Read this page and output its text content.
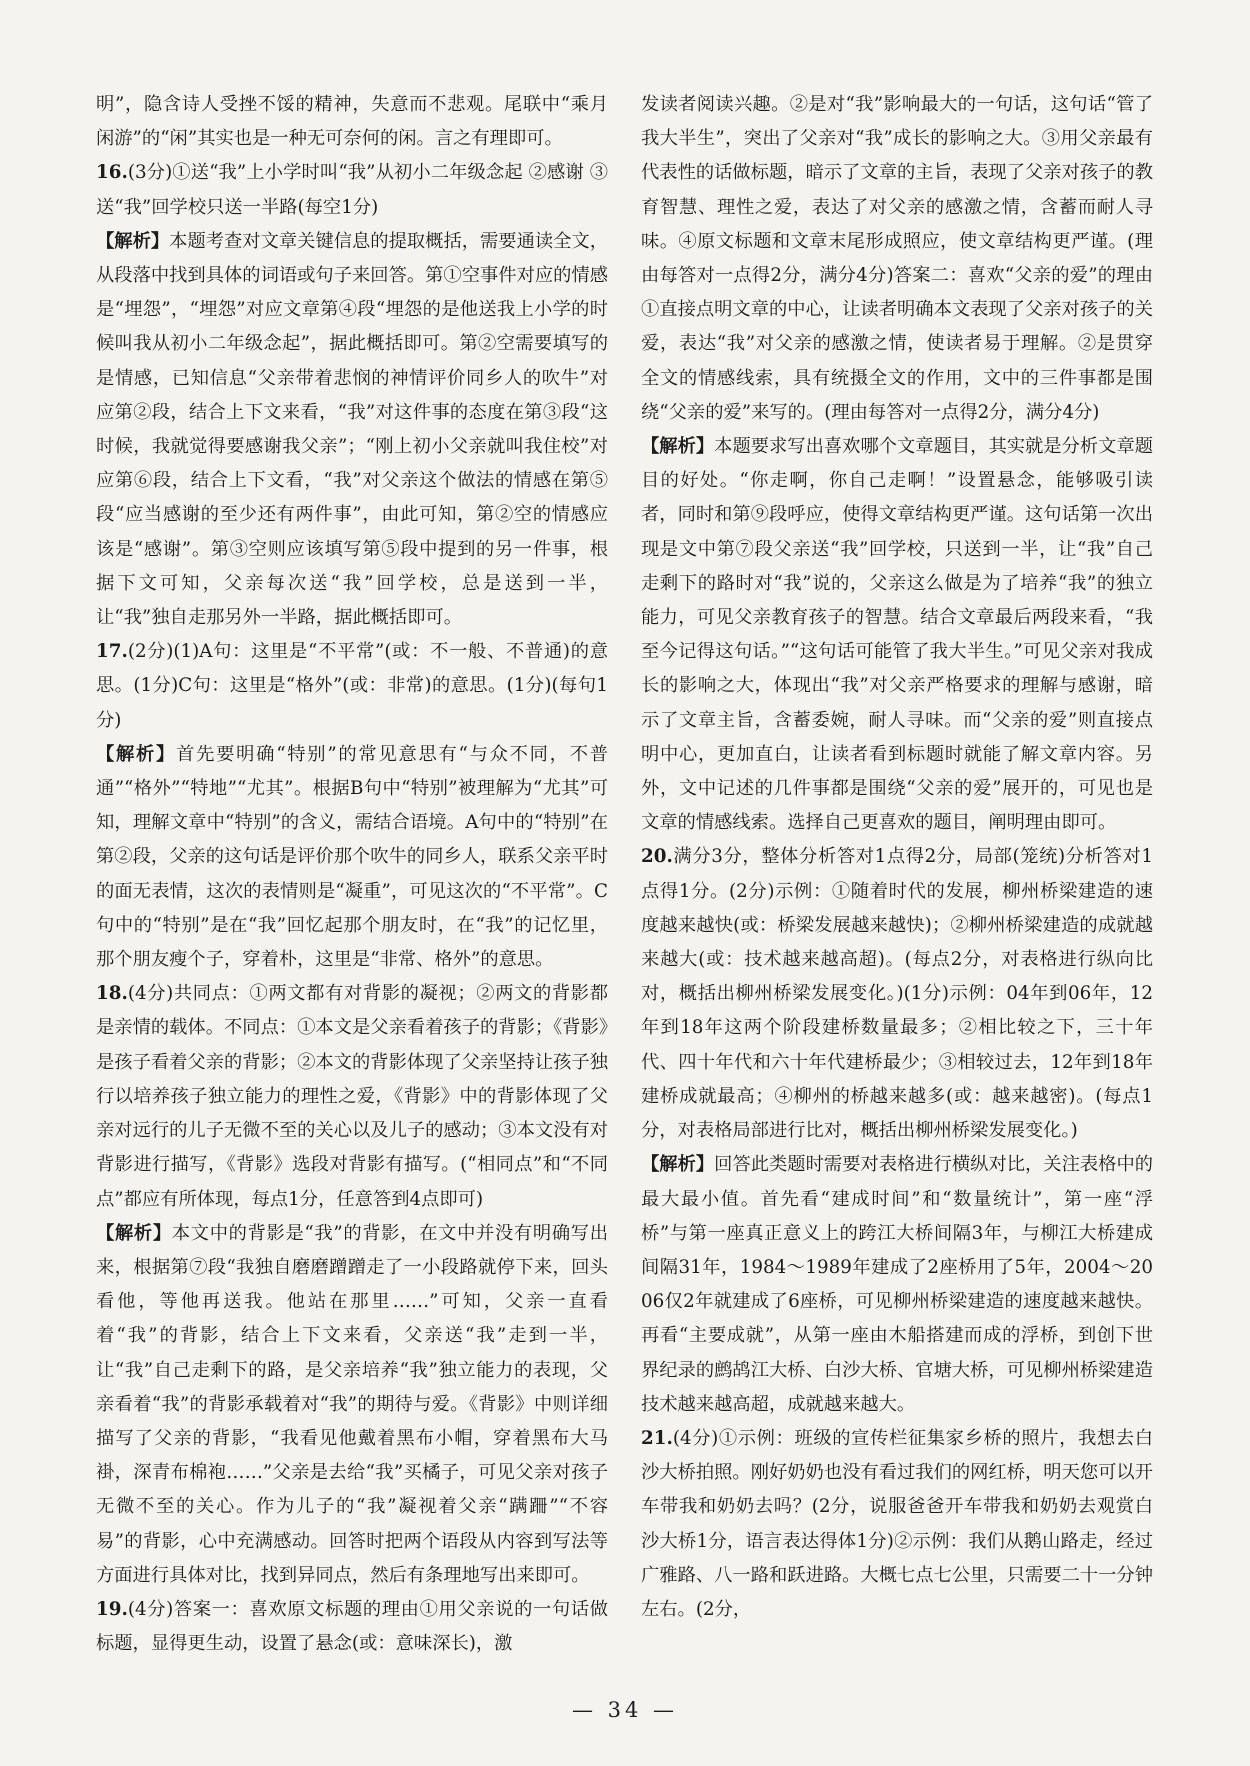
明”，隐含诗人受挫不馁的精神，失意而不悲观。尾联中“乘月闲游”的“闲”其实也是一种无可奈何的闲。言之有理即可。

16.(3分)①送“我”上小学时叫“我”从初小二年级念起 ②感谢 ③送“我”回学校只送一半路(每空1分)

【解析】本题考查对文章关键信息的提取概括，需要通读全文，从段落中找到具体的词语或句子来回答。第①空事件对应的情感是“埋怨”，“埋怨”对应文章第④段“埋怨的是他送我上小学的时候叫我从初小二年级念起”，据此概括即可。第②空需要填写的是情感，已知信息“父亲带着悲悯的神情评价同乡人的吹牛”对应第②段，结合上下文来看，“我”对这件事的态度在第③段“这时候，我就觉得要感谢我父亲”；“刚上初小父亲就叫我住校”对应第⑥段，结合上下文看，“我”对父亲这个做法的情感在第⑤段“应当感谢的至少还有两件事”，由此可知，第②空的情感应该是“感谢”。第③空则应该填写第⑤段中提到的另一件事，根据下文可知，父亲每次送“我”回学校，总是送到一半，让“我”独自走那另外一半路，据此概括即可。

17.(2分)(1)A句：这里是“不平常”(或：不一般、不普通)的意思。(1分)C句：这里是“格外”(或：非常)的意思。(1分)(每句1分)

【解析】首先要明确“特别”的常见意思有“与众不同，不普通”“格外”“特地”“尤其”。根据B句中“特别”被理解为“尤其”可知，理解文章中“特别”的含义，需结合语境。A句中的“特别”在第②段，父亲的这句话是评价那个吹牛的同乡人，联系父亲平时的面无表情，这次的表情则是“凝重”，可见这次的“不平常”。C句中的“特别”是在“我”回忆起那个朋友时，在“我”的记忆里，那个朋友瘦个子，穿着朴，这里是“非常、格外”的意思。

18.(4分)共同点：①两文都有对背影的凝视；②两文的背影都是亲情的载体。不同点：①本文是父亲看着孩子的背影；《背影》是孩子看着父亲的背影；②本文的背影体现了父亲坚持让孩子独行以培养孩子独立能力的理性之爱，《背影》中的背影体现了父亲对远行的儿子无微不至的关心以及儿子的感动；③本文没有对背影进行描写，《背影》选段对背影有描写。(“相同点”和“不同点”都应有所体现，每点1分，任意答到4点即可)

【解析】本文中的背影是“我”的背影，在文中并没有明确写出来，根据第⑦段“我独自磨磨蹭蹭走了一小段路就停下来，回头看他，等他再送我。他站在那里……”可知，父亲一直看着“我”的背影，结合上下文来看，父亲送“我”走到一半，让“我”自己走剩下的路，是父亲培养“我”独立能力的表现，父亲看着“我”的背影承载着对“我”的期待与爱。《背影》中则详细描写了父亲的背影，“我看见他戴着黑布小帽，穿着黑布大马褂，深青布棉袍……”父亲是去给“我”买橘子，可见父亲对孩子无微不至的关心。作为儿子的“我”凝视着父亲“蹒跚”“不容易”的背影，心中充满感动。回答时把两个语段从内容到写法等方面进行具体对比，找到异同点，然后有条理地写出来即可。

19.(4分)答案一：喜欢原文标题的理由①用父亲说的一句话做标题，显得更生动，设置了悬念(或：意味深长)，激

发读者阅读兴趣。②是对“我”影响最大的一句话，这句话“管了我大半生”，突出了父亲对“我”成长的影响之大。③用父亲最有代表性的话做标题，暗示了文章的主旨，表现了父亲对孩子的教育智慧、理性之爱，表达了对父亲的感激之情，含蓄而耐人寻味。④原文标题和文章末尾形成照应，使文章结构更严谨。(理由每答对一点得2分，满分4分)答案二：喜欢“父亲的爱”的理由①直接点明文章的中心，让读者明确本文表现了父亲对孩子的关爱，表达“我”对父亲的感激之情，使读者易于理解。②是贯穿全文的情感线索，具有统摄全文的作用，文中的三件事都是围绕“父亲的爱”来写的。(理由每答对一点得2分，满分4分)

【解析】本题要求写出喜欢哪个文章题目，其实就是分析文章题目的好处。“你走啊，你自己走啊！”设置悬念，能够吸引读者，同时和第⑨段呼应，使得文章结构更严谨。这句话第一次出现是文中第⑦段父亲送“我”回学校，只送到一半，让“我”自己走剩下的路时对“我”说的，父亲这么做是为了培养“我”的独立能力，可见父亲教育孩子的智慧。结合文章最后两段来看，“我至今记得这句话。”“这句话可能管了我大半生。”可见父亲对我成长的影响之大，体现出“我”对父亲严格要求的理解与感谢，暗示了文章主旨，含蓄委婉，耐人寻味。而“父亲的爱”则直接点明中心，更加直白，让读者看到标题时就能了解文章内容。另外，文中记述的几件事都是围绕“父亲的爱”展开的，可见也是文章的情感线索。选择自己更喜欢的题目，阐明理由即可。

20.满分3分，整体分析答对1点得2分，局部(笼统)分析答对1点得1分。(2分)示例：①随着时代的发展，柳州桥梁建造的速度越来越快(或：桥梁发展越来越快)；②柳州桥梁建造的成就越来越大(或：技术越来越高超)。(每点2分，对表格进行纵向比对，概括出柳州桥梁发展变化。)(1分)示例：04年到06年，12年到18年这两个阶段建桥数量最多；②相比较之下，三十年代、四十年代和六十年代建桥最少；③相较过去，12年到18年建桥成就最高；④柳州的桥越来越多(或：越来越密)。(每点1分，对表格局部进行比对，概括出柳州桥梁发展变化。)

【解析】回答此类题时需要对表格进行横纵对比，关注表格中的最大最小值。首先看“建成时间”和“数量统计”，第一座“浮桥”与第一座真正意义上的跨江大桥间隔3年，与柳江大桥建成间隔31年，1984～1989年建成了2座桥用了5年，2004～2006仅2年就建成了6座桥，可见柳州桥梁建造的速度越来越快。再看“主要成就”，从第一座由木船搭建而成的浮桥，到创下世界纪录的鹧鸪江大桥、白沙大桥、官塘大桥，可见柳州桥梁建造技术越来越高超，成就越来越大。

21.(4分)①示例：班级的宣传栏征集家乡桥的照片，我想去白沙大桥拍照。刚好奶奶也没有看过我们的网红桥，明天您可以开车带我和奶奶去吗？(2分，说服爸爸开车带我和奶奶去观赏白沙大桥1分，语言表达得体1分)②示例：我们从鹅山路走，经过广雅路、八一路和跃进路。大概七点七公里，只需要二十一分钟左右。(2分，

— 34 —
